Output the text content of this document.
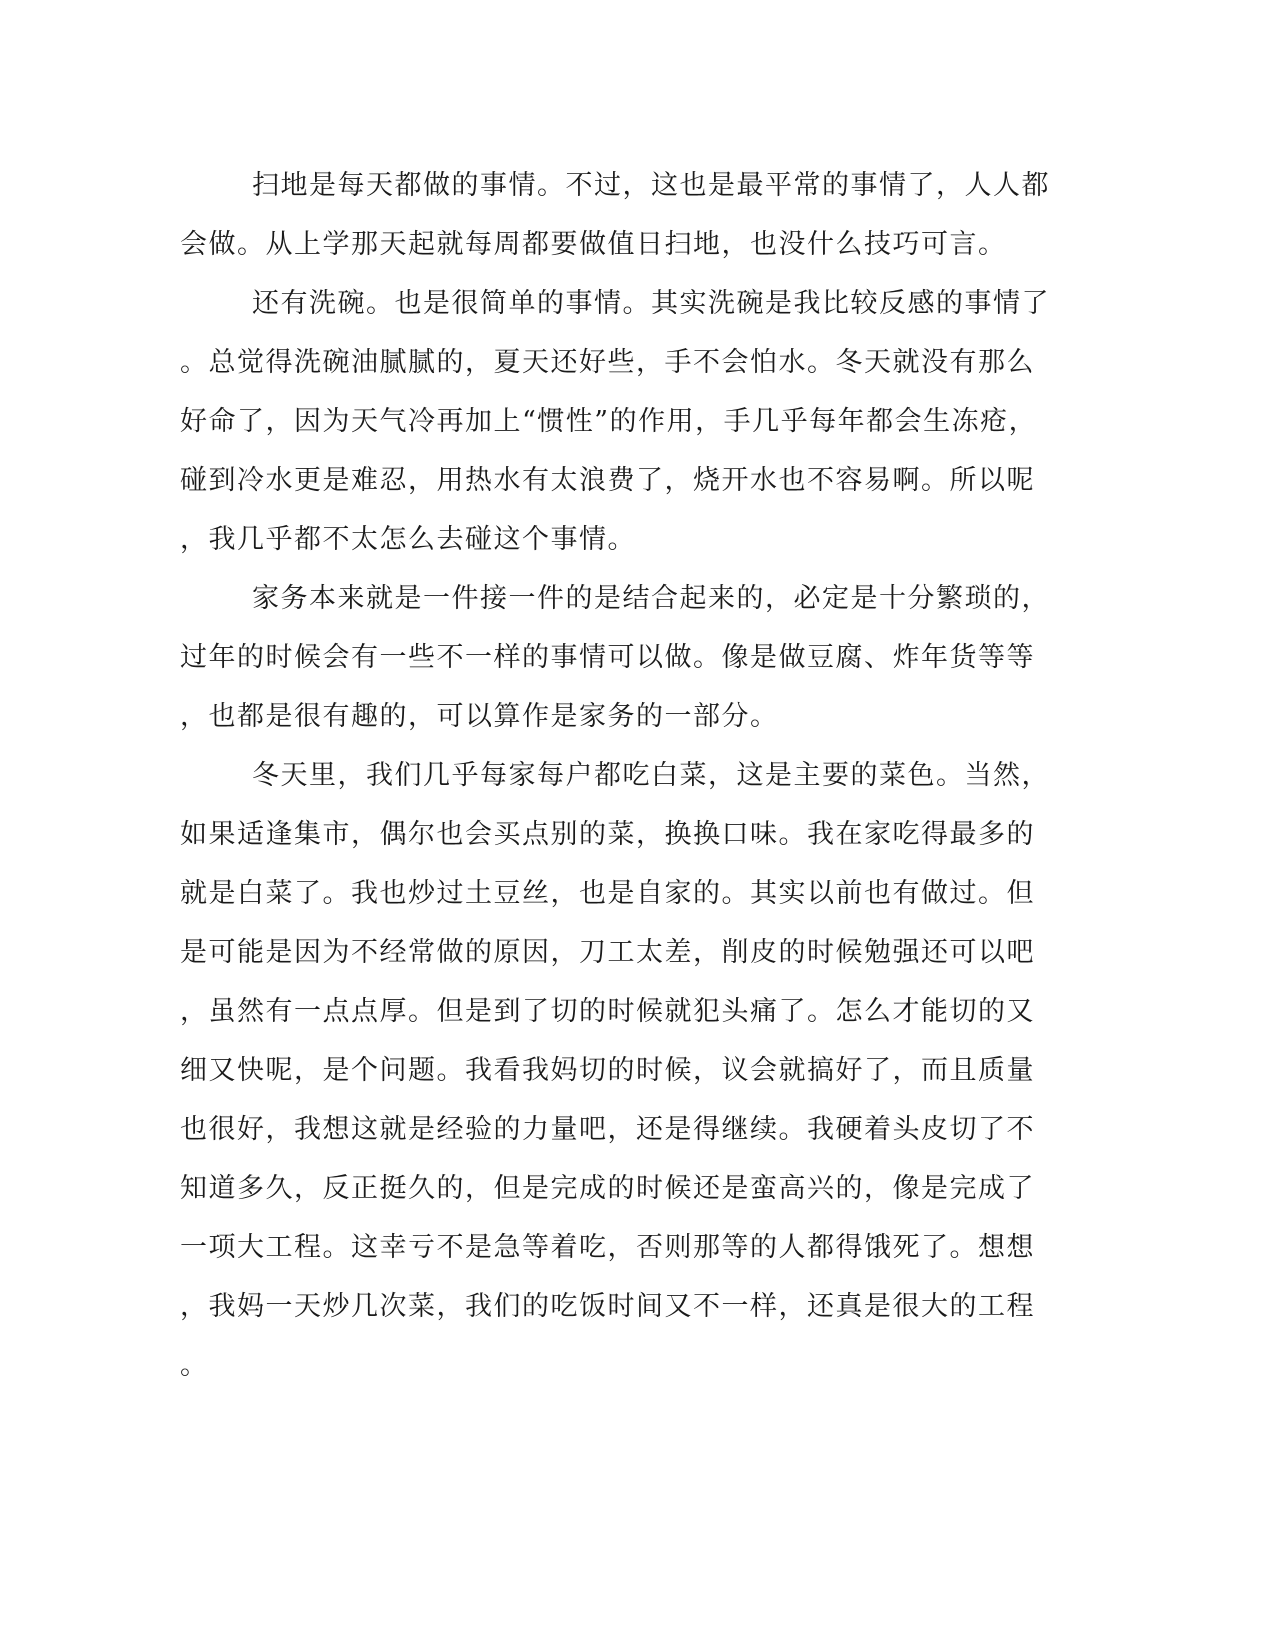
扫地是每天都做的事情。不过，这也是最平常的事情了，人人都
会做。从上学那天起就每周都要做值日扫地，也没什么技巧可言。
还有洗碗。也是很简单的事情。其实洗碗是我比较反感的事情了
。总觉得洗碗油腻腻的，夏天还好些，手不会怕水。冬天就没有那么
好命了，因为天气冷再加上“惯性”的作用，手几乎每年都会生冻疮，
碰到冷水更是难忍，用热水有太浪费了，烧开水也不容易啊。所以呢
，我几乎都不太怎么去碰这个事情。
家务本来就是一件接一件的是结合起来的，必定是十分繁琐的，
过年的时候会有一些不一样的事情可以做。像是做豆腐、炸年货等等
，也都是很有趣的，可以算作是家务的一部分。
冬天里，我们几乎每家每户都吃白菜，这是主要的菜色。当然，
如果适逢集市，偶尔也会买点别的菜，换换口味。我在家吃得最多的
就是白菜了。我也炒过土豆丝，也是自家的。其实以前也有做过。但
是可能是因为不经常做的原因，刀工太差，削皮的时候勉强还可以吧
，虽然有一点点厚。但是到了切的时候就犯头痛了。怎么才能切的又
细又快呢，是个问题。我看我妈切的时候，议会就搞好了，而且质量
也很好，我想这就是经验的力量吧，还是得继续。我硬着头皮切了不
知道多久，反正挺久的，但是完成的时候还是蛮高兴的，像是完成了
一项大工程。这幸亏不是急等着吃，否则那等的人都得饿死了。想想
，我妈一天炒几次菜，我们的吃饭时间又不一样，还真是很大的工程
。
